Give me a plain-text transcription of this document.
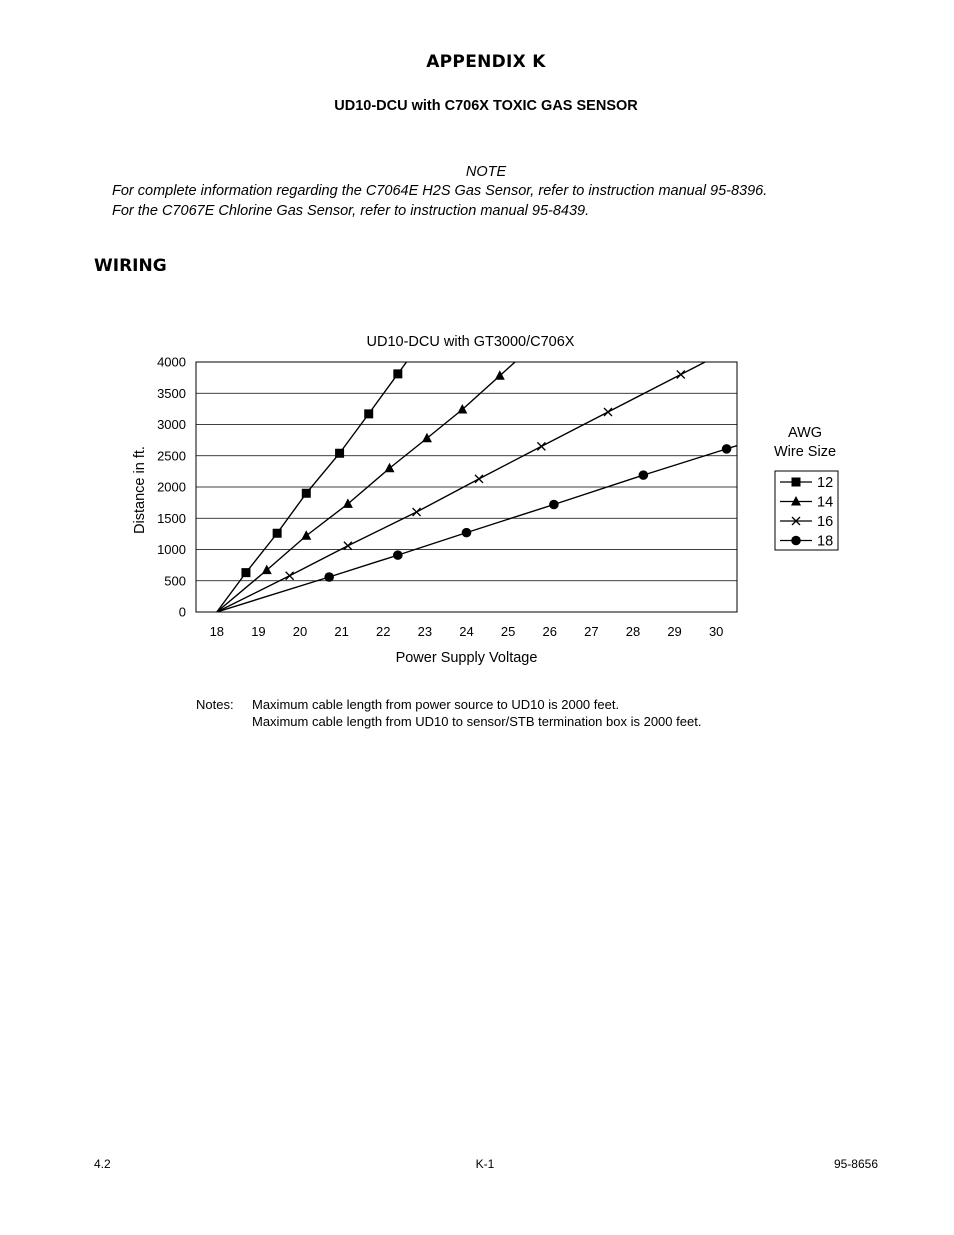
APPENDIX K
UD10-DCU with C706X TOXIC GAS SENSOR
NOTE
For complete information regarding the C7064E H2S Gas Sensor, refer to instruction manual 95-8396.
For the C7067E Chlorine Gas Sensor, refer to instruction manual 95-8439.
WIRING
UD10-DCU with GT3000/C706X
0
500
1000
1500
2000
2500
3000
3500
4000
18 19 20 21 22 23 24 25 26 27 28 29 30
Power Supply Voltage
Distance in ft.
AWG
Wire Size
12
14
16
18
Notes: Maximum cable length from power source to UD10 is 2000 feet.
Maximum cable length from UD10 to sensor/STB termination box is 2000 feet.
4.2	K-1	95-8656
